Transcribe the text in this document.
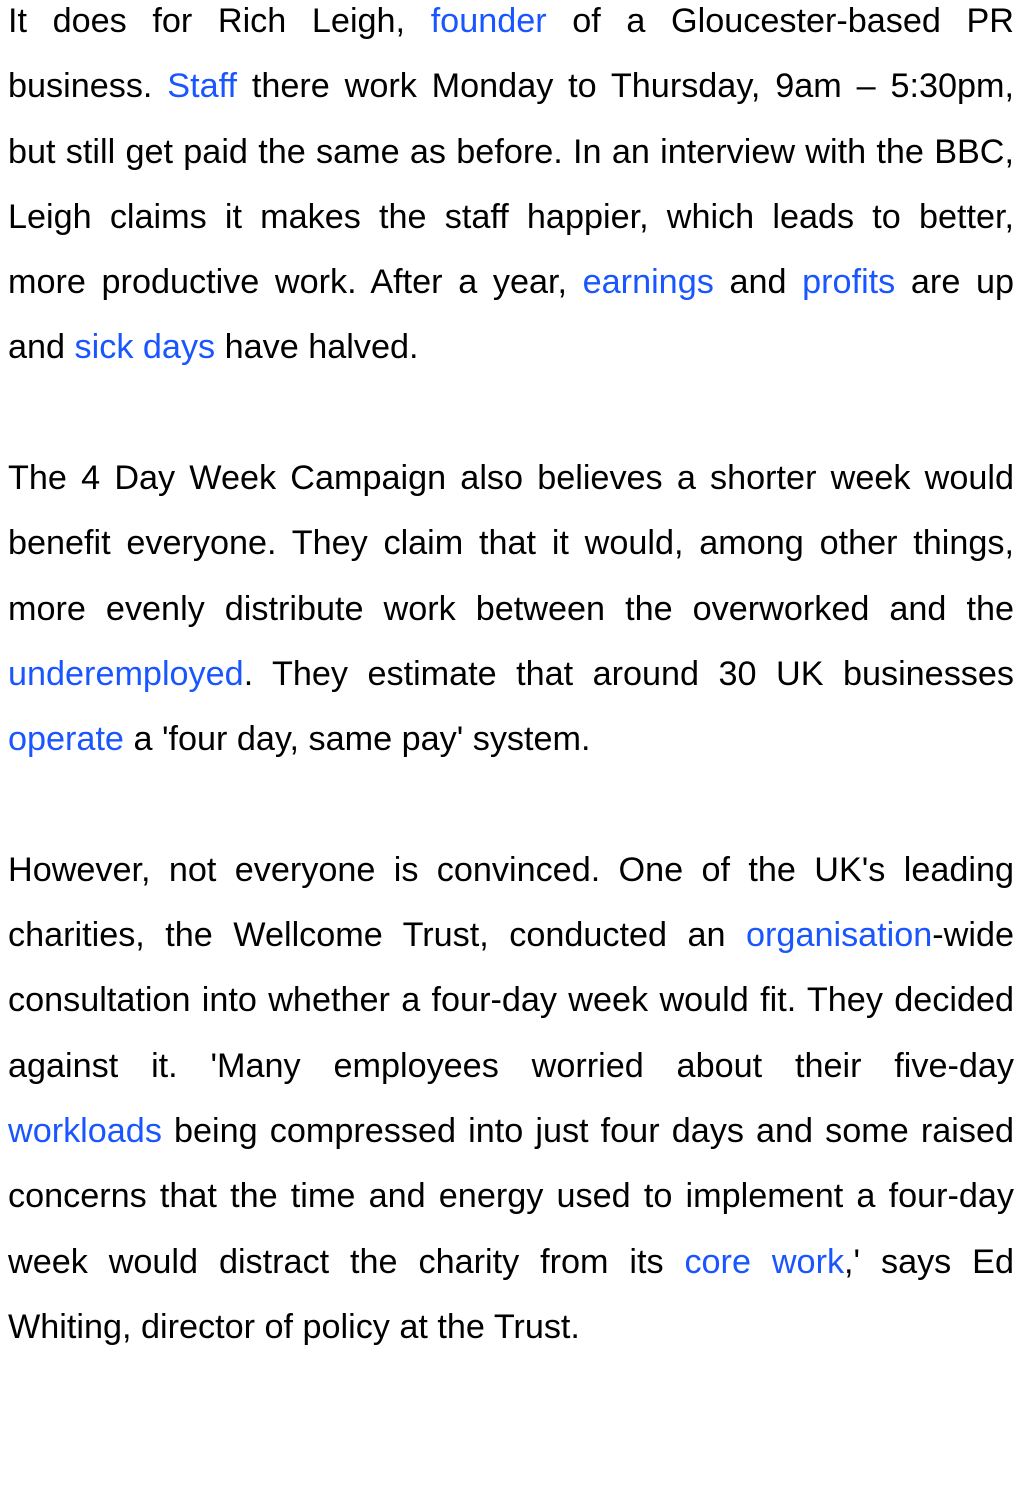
It does for Rich Leigh, founder of a Gloucester-based PR business. Staff there work Monday to Thursday, 9am – 5:30pm, but still get paid the same as before. In an interview with the BBC, Leigh claims it makes the staff happier, which leads to better, more productive work. After a year, earnings and profits are up and sick days have halved.

The 4 Day Week Campaign also believes a shorter week would benefit everyone. They claim that it would, among other things, more evenly distribute work between the overworked and the underemployed. They estimate that around 30 UK businesses operate a 'four day, same pay' system.

However, not everyone is convinced. One of the UK's leading charities, the Wellcome Trust, conducted an organisation-wide consultation into whether a four-day week would fit. They decided against it. 'Many employees worried about their five-day workloads being compressed into just four days and some raised concerns that the time and energy used to implement a four-day week would distract the charity from its core work,' says Ed Whiting, director of policy at the Trust.
